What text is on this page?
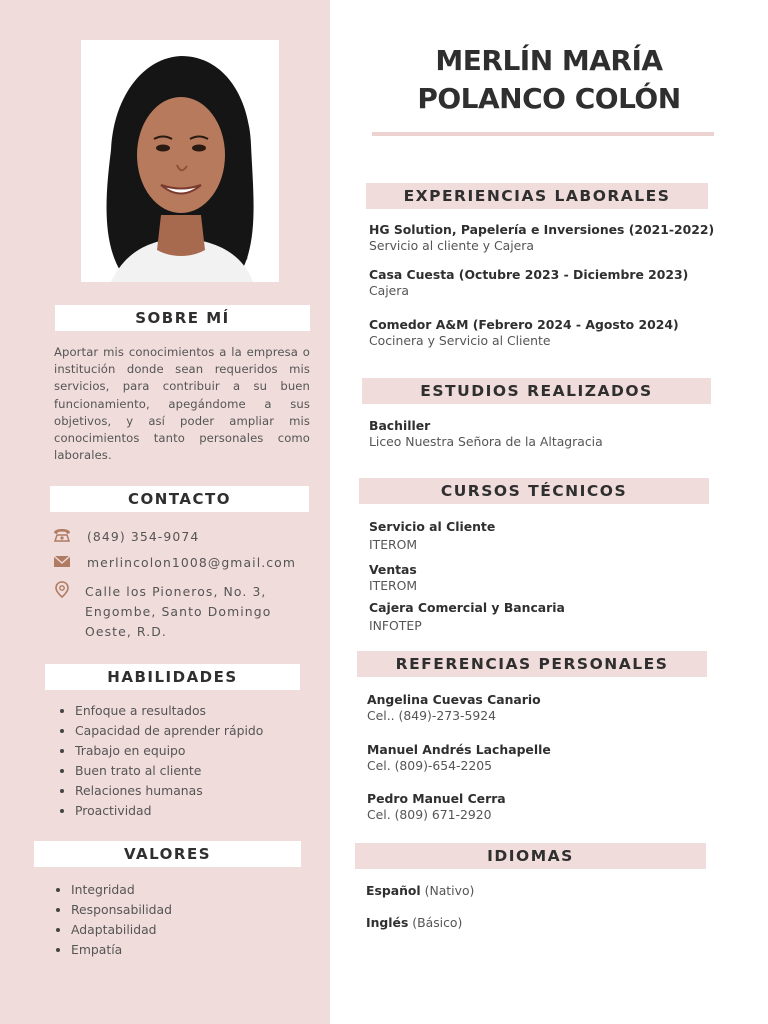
SOBRE MÍ

Aportar mis conocimientos a la empresa o institución donde sean requeridos mis servicios, para contribuir a su buen funcionamiento, apegándome a sus objetivos, y así poder ampliar mis conocimientos tanto personales como laborales.

CONTACTO
(849) 354-9074
merlincolon1008@gmail.com
Calle los Pioneros, No. 3,
Engombe, Santo Domingo
Oeste, R.D.
HABILIDADES
Enfoque a resultados
Capacidad de aprender rápido
Trabajo en equipo
Buen trato al cliente
Relaciones humanas
Proactividad
VALORES
Integridad
Responsabilidad
Adaptabilidad
Empatía
MERLÍN MARÍA
POLANCO COLÓN
EXPERIENCIAS LABORALES
HG Solution, Papelería e Inversiones (2021-2022)
Servicio al cliente y Cajera
Casa Cuesta (Octubre 2023 - Diciembre 2023)
Cajera
Comedor A&M (Febrero 2024 - Agosto 2024)
Cocinera y Servicio al Cliente
ESTUDIOS REALIZADOS
Bachiller
Liceo Nuestra Señora de la Altagracia
CURSOS TÉCNICOS
Servicio al Cliente
ITEROM
Ventas
ITEROM
Cajera Comercial y Bancaria
INFOTEP
REFERENCIAS PERSONALES
Angelina Cuevas Canario
Cel.. (849)-273-5924
Manuel Andrés Lachapelle
Cel. (809)-654-2205
Pedro Manuel Cerra
Cel. (809) 671-2920
IDIOMAS
Español (Nativo)
Inglés (Básico)
